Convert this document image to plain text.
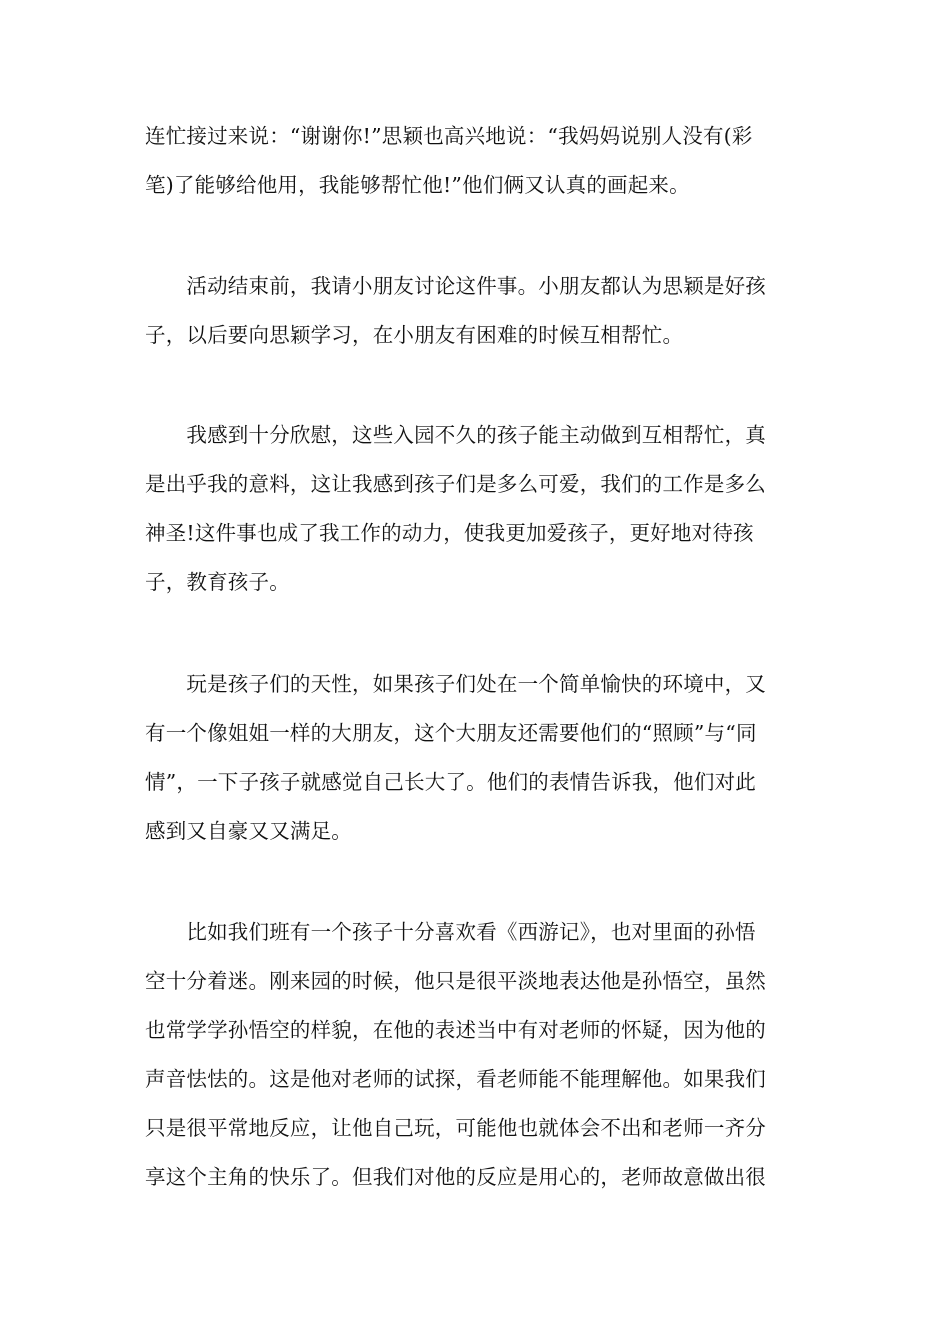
连忙接过来说：“谢谢你!”思颖也高兴地说：“我妈妈说别人没有(彩
笔)了能够给他用，我能够帮忙他!”他们俩又认真的画起来。
　　活动结束前，我请小朋友讨论这件事。小朋友都认为思颖是好孩
子，以后要向思颖学习，在小朋友有困难的时候互相帮忙。
　　我感到十分欣慰，这些入园不久的孩子能主动做到互相帮忙，真
是出乎我的意料，这让我感到孩子们是多么可爱，我们的工作是多么
神圣!这件事也成了我工作的动力，使我更加爱孩子，更好地对待孩
子，教育孩子。
　　玩是孩子们的天性，如果孩子们处在一个简单愉快的环境中，又
有一个像姐姐一样的大朋友，这个大朋友还需要他们的“照顾”与“同
情”，一下子孩子就感觉自己长大了。他们的表情告诉我，他们对此
感到又自豪又又满足。
　　比如我们班有一个孩子十分喜欢看《西游记》，也对里面的孙悟
空十分着迷。刚来园的时候，他只是很平淡地表达他是孙悟空，虽然
也常学学孙悟空的样貌，在他的表述当中有对老师的怀疑，因为他的
声音怯怯的。这是他对老师的试探，看老师能不能理解他。如果我们
只是很平常地反应，让他自己玩，可能他也就体会不出和老师一齐分
享这个主角的快乐了。但我们对他的反应是用心的，老师故意做出很
